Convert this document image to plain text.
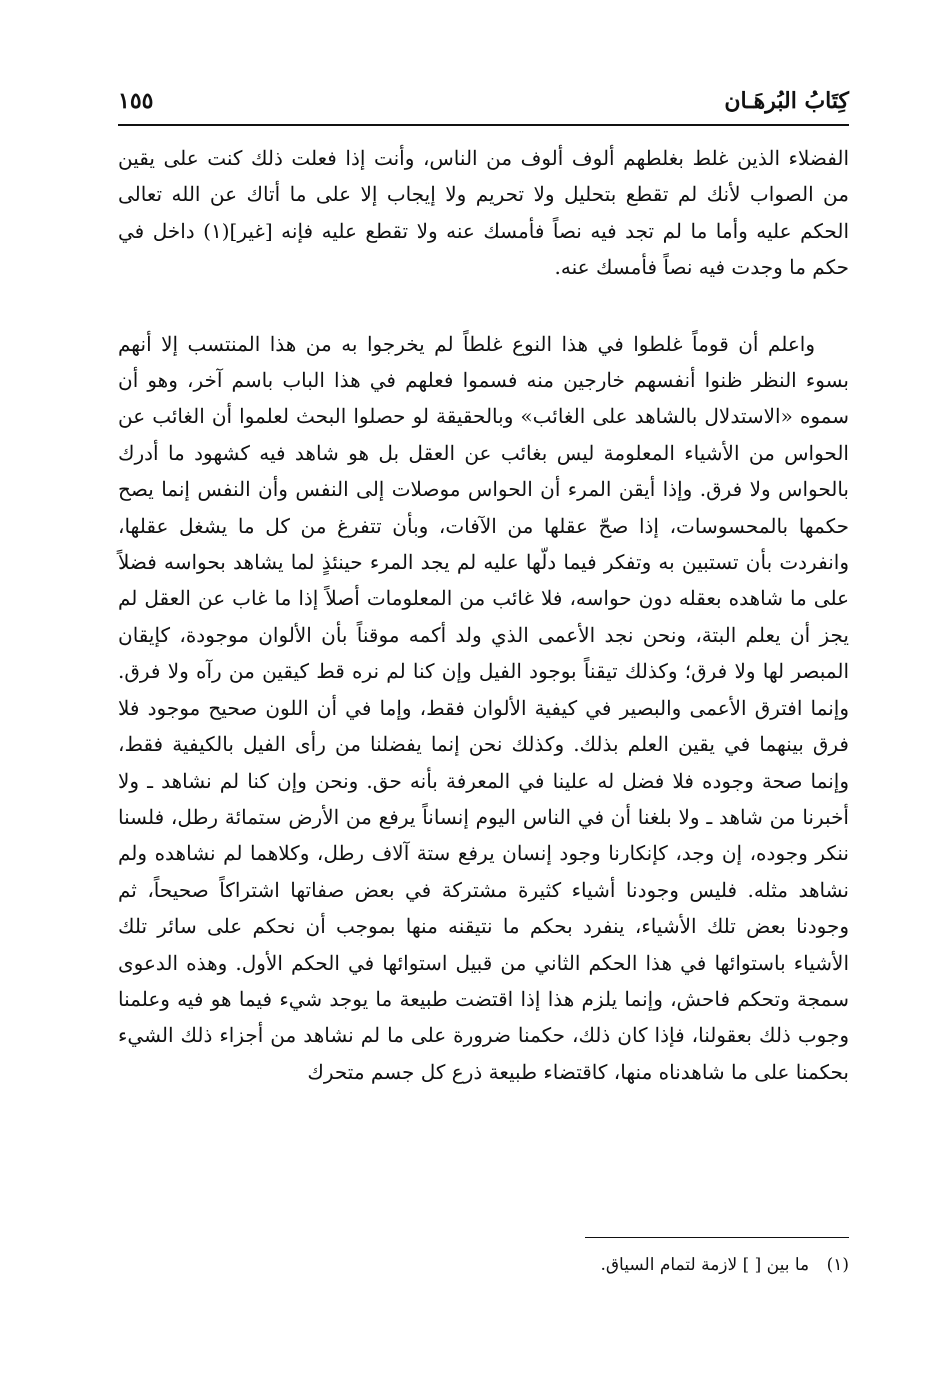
كِتَابُ البُرهَـان
١٥٥

الفضلاء الذين غلط بغلطهم ألوف ألوف من الناس، وأنت إذا فعلت ذلك كنت على يقين من الصواب لأنك لم تقطع بتحليل ولا تحريم ولا إيجاب إلا على ما أتاك عن الله تعالى الحكم عليه وأما ما لم تجد فيه نصاً فأمسك عنه ولا تقطع عليه فإنه [غير](١) داخل في حكم ما وجدت فيه نصاً فأمسك عنه.

واعلم أن قوماً غلطوا في هذا النوع غلطاً لم يخرجوا به من هذا المنتسب إلا أنهم بسوء النظر ظنوا أنفسهم خارجين منه فسموا فعلهم في هذا الباب باسم آخر، وهو أن سموه «الاستدلال بالشاهد على الغائب» وبالحقيقة لو حصلوا البحث لعلموا أن الغائب عن الحواس من الأشياء المعلومة ليس بغائب عن العقل بل هو شاهد فيه كشهود ما أدرك بالحواس ولا فرق. وإذا أيقن المرء أن الحواس موصلات إلى النفس وأن النفس إنما يصح حكمها بالمحسوسات، إذا صحّ عقلها من الآفات، وبأن تتفرغ من كل ما يشغل عقلها، وانفردت بأن تستبين به وتفكر فيما دلّها عليه لم يجد المرء حينئذٍ لما يشاهد بحواسه فضلاً على ما شاهده بعقله دون حواسه، فلا غائب من المعلومات أصلاً إذا ما غاب عن العقل لم يجز أن يعلم البتة، ونحن نجد الأعمى الذي ولد أكمه موقناً بأن الألوان موجودة، كإيقان المبصر لها ولا فرق؛ وكذلك تيقناً بوجود الفيل وإن كنا لم نره قط كيقين من رآه ولا فرق. وإنما افترق الأعمى والبصير في كيفية الألوان فقط، وإما في أن اللون صحيح موجود فلا فرق بينهما في يقين العلم بذلك. وكذلك نحن إنما يفضلنا من رأى الفيل بالكيفية فقط، وإنما صحة وجوده فلا فضل له علينا في المعرفة بأنه حق. ونحن وإن كنا لم نشاهد ـ ولا أخبرنا من شاهد ـ ولا بلغنا أن في الناس اليوم إنساناً يرفع من الأرض ستمائة رطل، فلسنا ننكر وجوده، إن وجد، كإنكارنا وجود إنسان يرفع ستة آلاف رطل، وكلاهما لم نشاهده ولم نشاهد مثله. فليس وجودنا أشياء كثيرة مشتركة في بعض صفاتها اشتراكاً صحيحاً، ثم وجودنا بعض تلك الأشياء، ينفرد بحكم ما نتيقنه منها بموجب أن نحكم على سائر تلك الأشياء باستوائها في هذا الحكم الثاني من قبيل استوائها في الحكم الأول. وهذه الدعوى سمجة وتحكم فاحش، وإنما يلزم هذا إذا اقتضت طبيعة ما يوجد شيء فيما هو فيه وعلمنا وجوب ذلك بعقولنا، فإذا كان ذلك، حكمنا ضرورة على ما لم نشاهد من أجزاء ذلك الشيء بحكمنا على ما شاهدناه منها، كاقتضاء طبيعة ذرع كل جسم متحرك

(١) ما بين [ ] لازمة لتمام السياق.
